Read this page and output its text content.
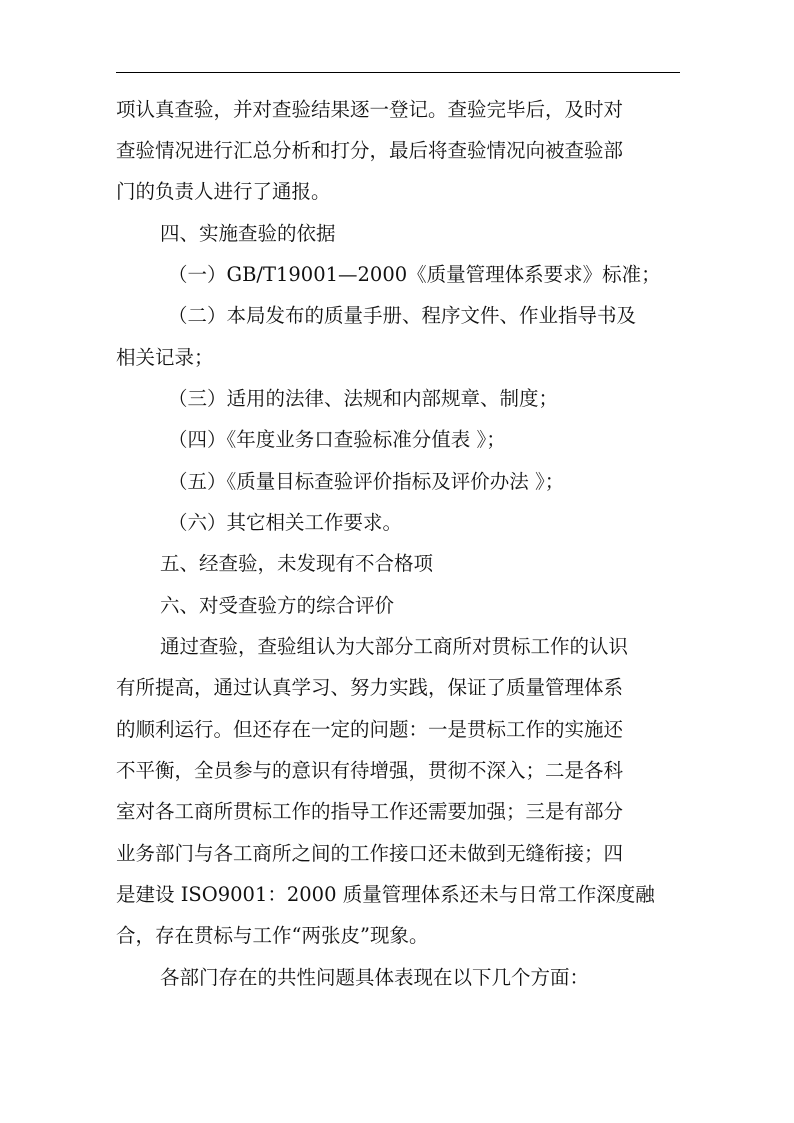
项认真查验，并对查验结果逐一登记。查验完毕后，及时对
查验情况进行汇总分析和打分，最后将查验情况向被查验部
门的负责人进行了通报。
四、实施查验的依据
（一）GB/T19001—2000《质量管理体系要求》标准；
（二）本局发布的质量手册、程序文件、作业指导书及
相关记录；
（三）适用的法律、法规和内部规章、制度；
（四）《年度业务口查验标准分值表 》；
（五）《质量目标查验评价指标及评价办法 》；
（六）其它相关工作要求。
五、经查验，未发现有不合格项
六、对受查验方的综合评价
通过查验，查验组认为大部分工商所对贯标工作的认识
有所提高，通过认真学习、努力实践，保证了质量管理体系
的顺利运行。但还存在一定的问题：一是贯标工作的实施还
不平衡，全员参与的意识有待增强，贯彻不深入；二是各科
室对各工商所贯标工作的指导工作还需要加强；三是有部分
业务部门与各工商所之间的工作接口还未做到无缝衔接；四
是建设 ISO9001：2000 质量管理体系还未与日常工作深度融
合，存在贯标与工作“两张皮”现象。
各部门存在的共性问题具体表现在以下几个方面：
